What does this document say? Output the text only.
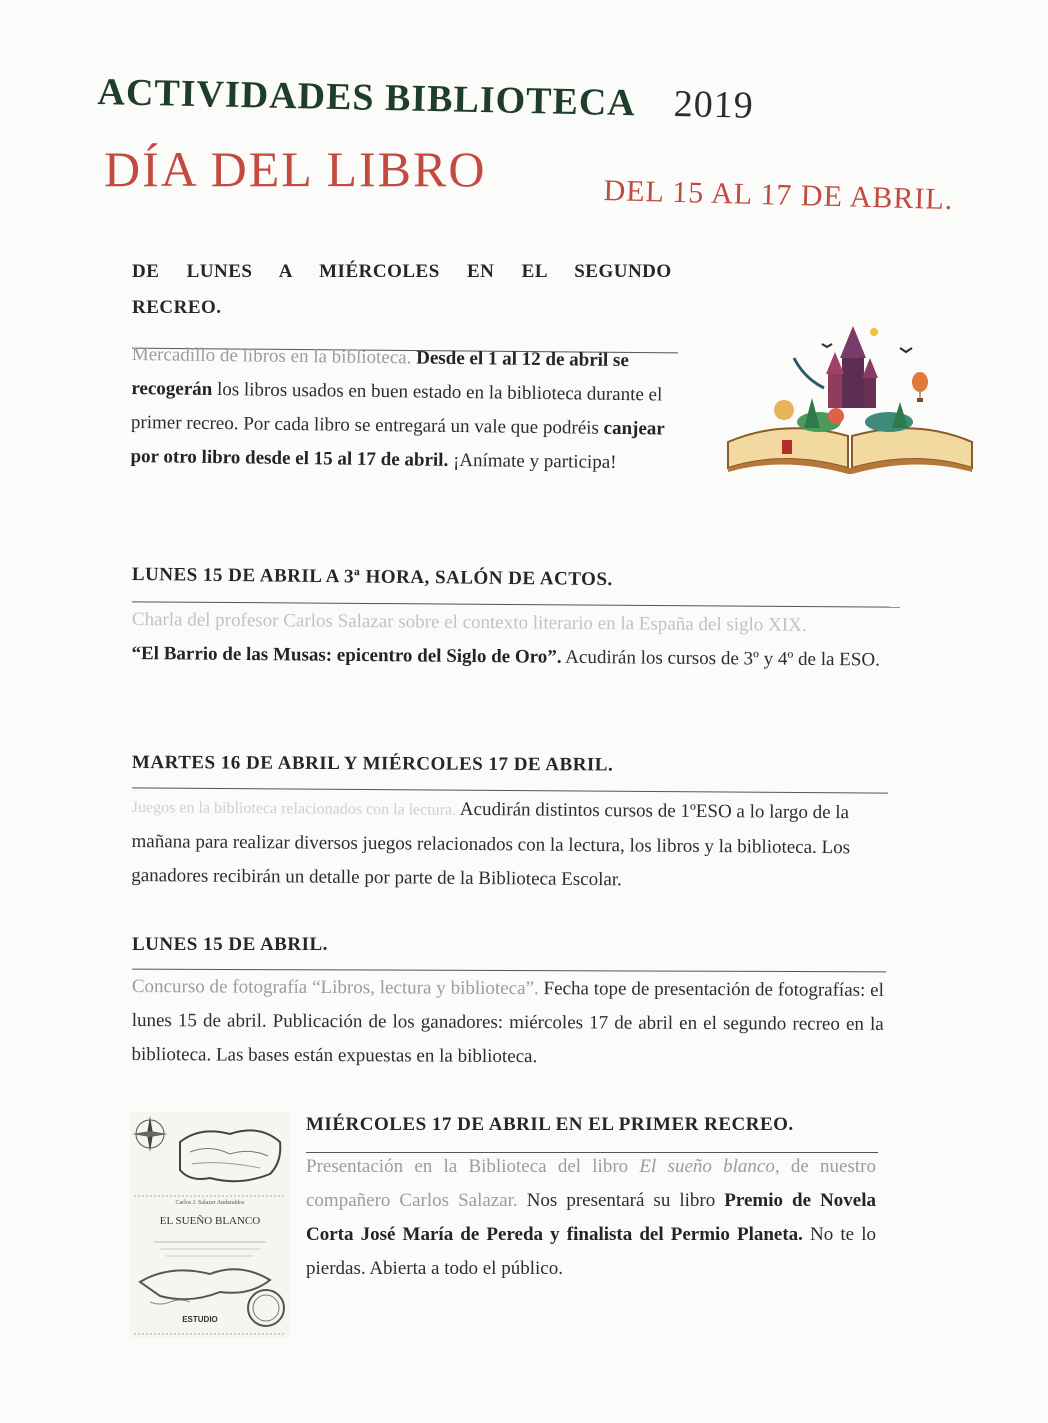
ACTIVIDADES BIBLIOTECA 2019
DÍA DEL LIBRO	DEL 15 AL 17 DE ABRIL.
DE LUNES A MIÉRCOLES EN EL SEGUNDO
RECREO.
Mercadillo de libros en la biblioteca. Desde el 1 al 12 de abril se recogerán los libros usados en buen estado en la biblioteca durante el primer recreo. Por cada libro se entregará un vale que podréis canjear por otro libro desde el 15 al 17 de abril. ¡Anímate y participa!
LUNES 15 DE ABRIL A 3ª HORA, SALÓN DE ACTOS.
Charla del profesor Carlos Salazar sobre el contexto literario en la España del siglo XIX.
“El Barrio de las Musas: epicentro del Siglo de Oro”. Acudirán los cursos de 3º y 4º de la ESO.
MARTES 16 DE ABRIL Y MIÉRCOLES 17 DE ABRIL.
Juegos en la biblioteca relacionados con la lectura. Acudirán distintos cursos de 1ºESO a lo largo de la mañana para realizar diversos juegos relacionados con la lectura, los libros y la biblioteca. Los ganadores recibirán un detalle por parte de la Biblioteca Escolar.
LUNES 15 DE ABRIL.

Concurso de fotografía “Libros, lectura y biblioteca”. Fecha tope de presentación de fotografías: el lunes 15 de abril. Publicación de los ganadores: miércoles 17 de abril en el segundo recreo en la biblioteca. Las bases están expuestas en la biblioteca.

Carlos J. Salazar Andaraldos
EL SUEÑO BLANCO
ESTUDIO
MIÉRCOLES 17 DE ABRIL EN EL PRIMER RECREO.

Presentación en la Biblioteca del libro El sueño blanco, de nuestro compañero Carlos Salazar. Nos presentará su libro Premio de Novela Corta José María de Pereda y finalista del Permio Planeta. No te lo pierdas. Abierta a todo el público.
